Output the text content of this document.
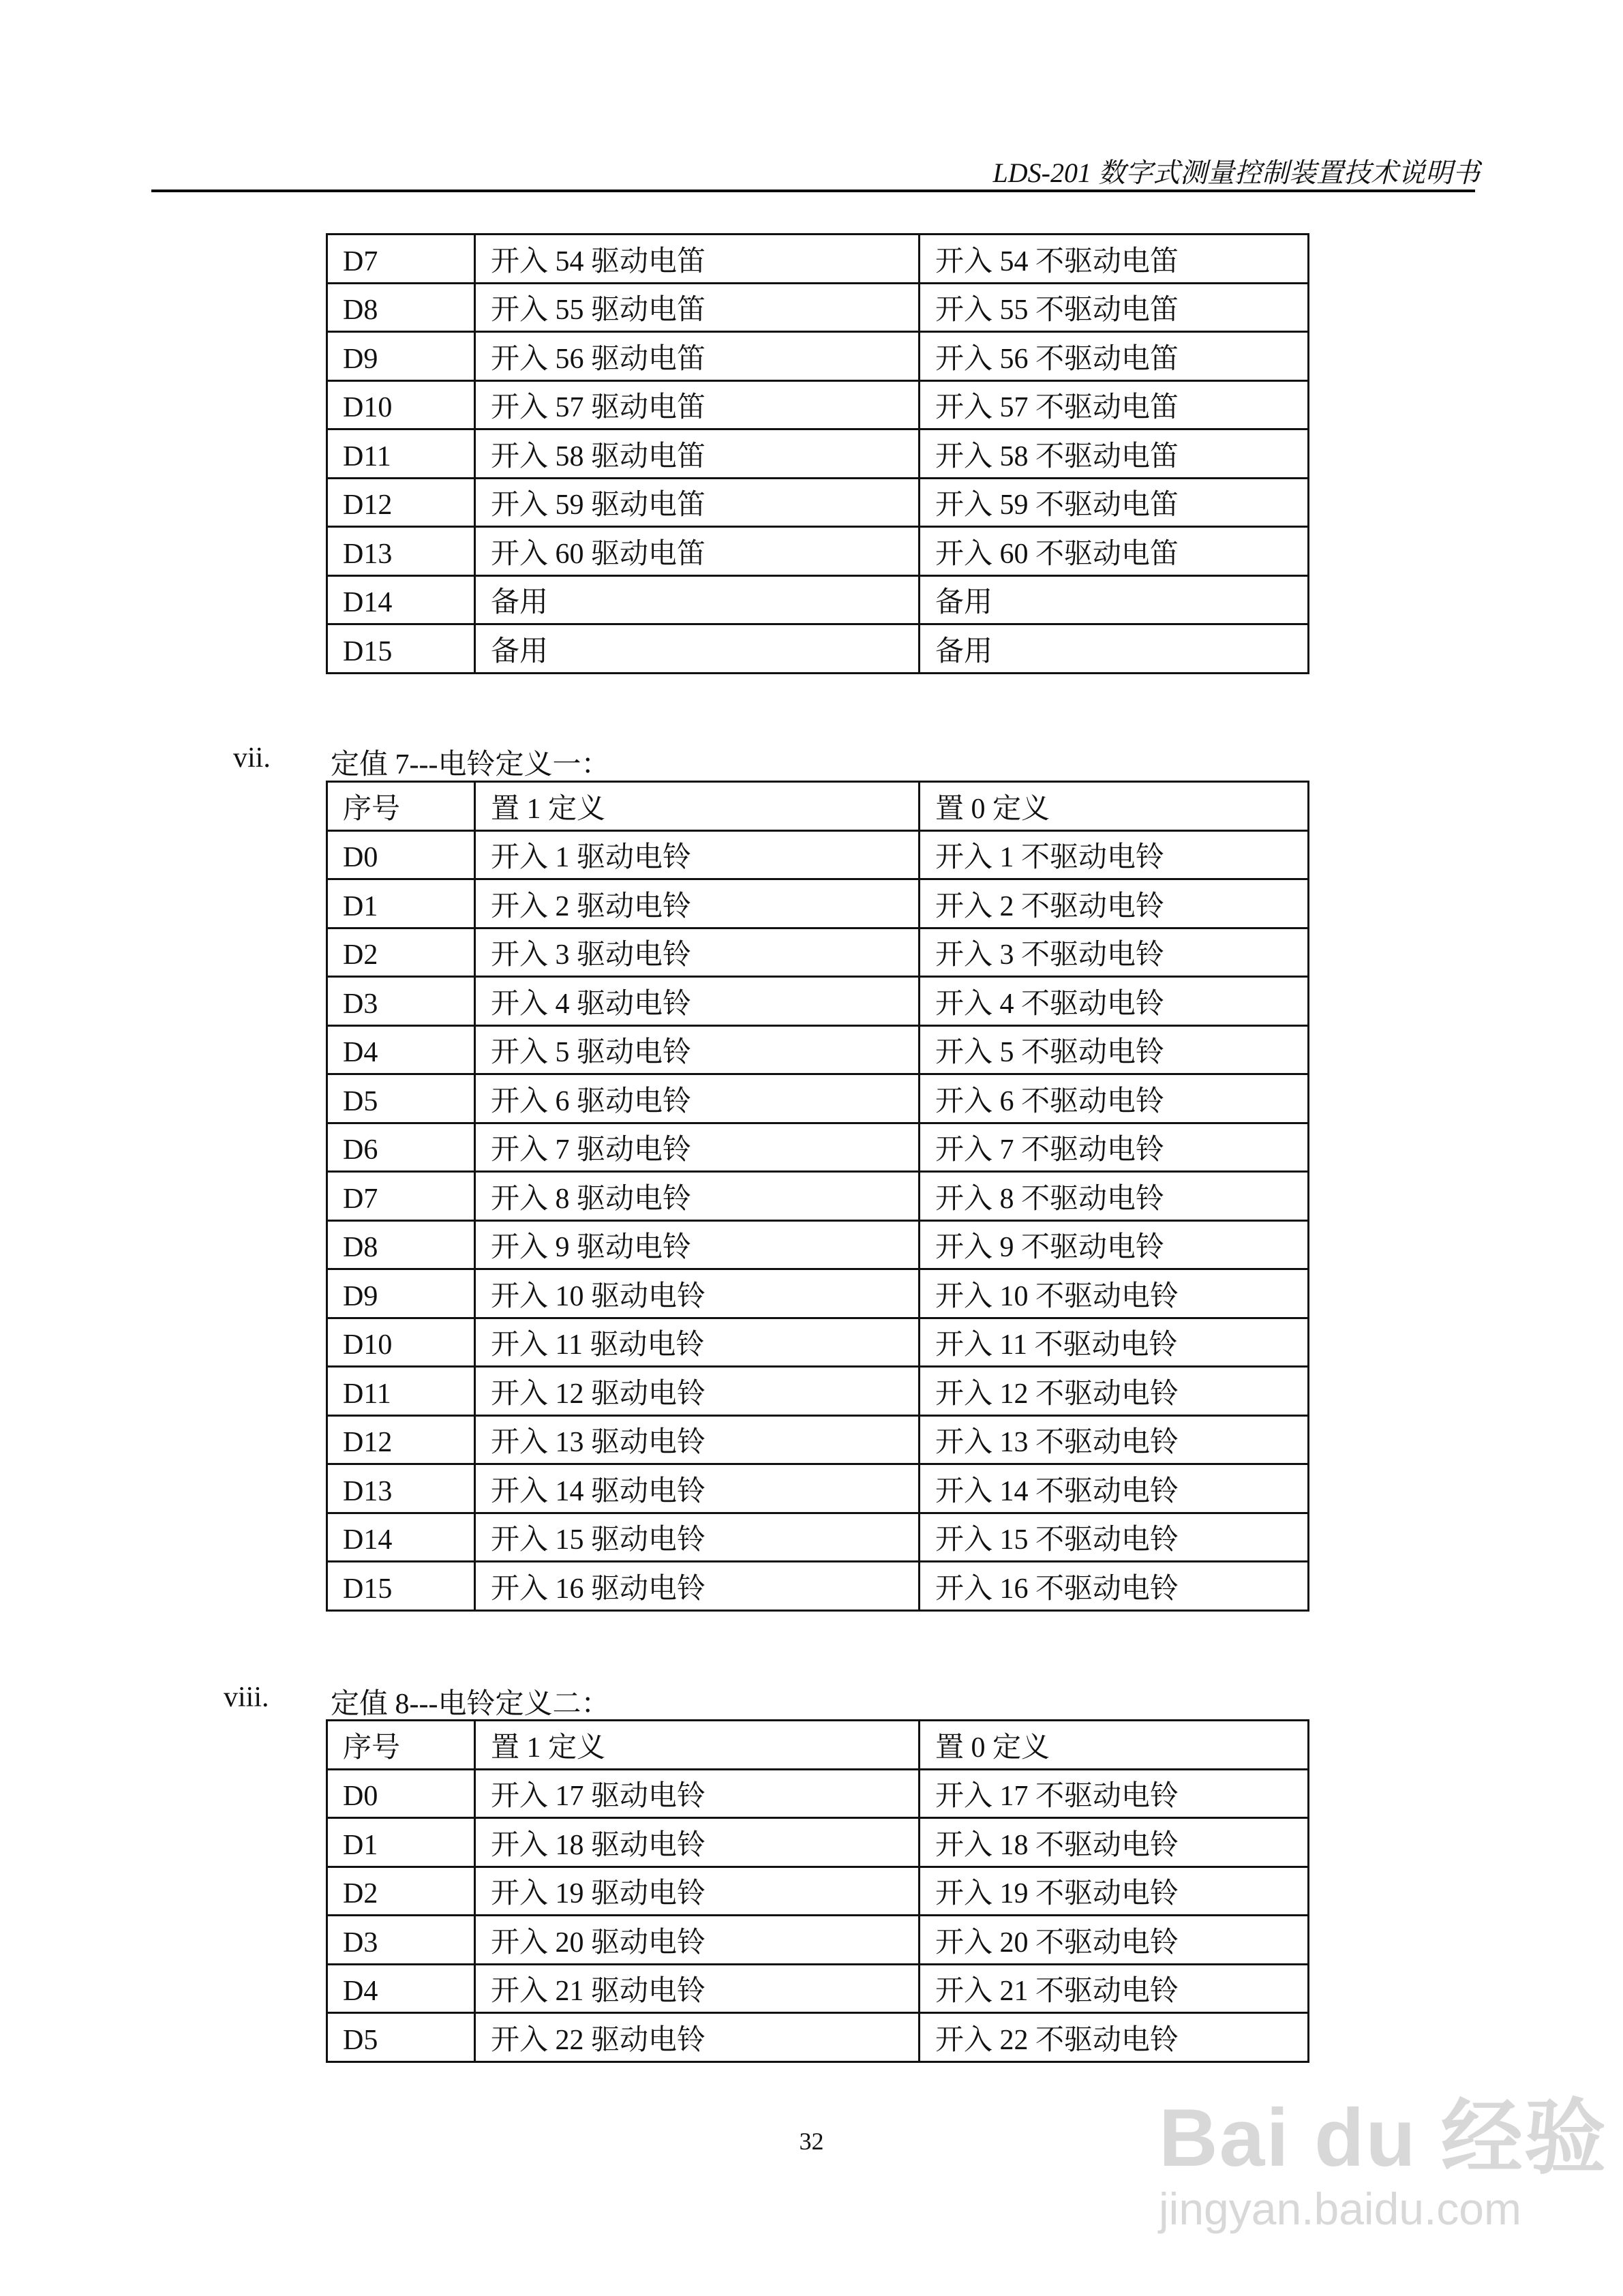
LDS-201 数字式测量控制装置技术说明书
D7	开入 54 驱动电笛	开入 54 不驱动电笛
D8	开入 55 驱动电笛	开入 55 不驱动电笛
D9	开入 56 驱动电笛	开入 56 不驱动电笛
D10	开入 57 驱动电笛	开入 57 不驱动电笛
D11	开入 58 驱动电笛	开入 58 不驱动电笛
D12	开入 59 驱动电笛	开入 59 不驱动电笛
D13	开入 60 驱动电笛	开入 60 不驱动电笛
D14	备用	备用
D15	备用	备用
vii. 定值 7---电铃定义一：
序号	置 1 定义	置 0 定义
D0	开入 1 驱动电铃	开入 1 不驱动电铃
D1	开入 2 驱动电铃	开入 2 不驱动电铃
D2	开入 3 驱动电铃	开入 3 不驱动电铃
D3	开入 4 驱动电铃	开入 4 不驱动电铃
D4	开入 5 驱动电铃	开入 5 不驱动电铃
D5	开入 6 驱动电铃	开入 6 不驱动电铃
D6	开入 7 驱动电铃	开入 7 不驱动电铃
D7	开入 8 驱动电铃	开入 8 不驱动电铃
D8	开入 9 驱动电铃	开入 9 不驱动电铃
D9	开入 10 驱动电铃	开入 10 不驱动电铃
D10	开入 11 驱动电铃	开入 11 不驱动电铃
D11	开入 12 驱动电铃	开入 12 不驱动电铃
D12	开入 13 驱动电铃	开入 13 不驱动电铃
D13	开入 14 驱动电铃	开入 14 不驱动电铃
D14	开入 15 驱动电铃	开入 15 不驱动电铃
D15	开入 16 驱动电铃	开入 16 不驱动电铃
viii. 定值 8---电铃定义二：
序号	置 1 定义	置 0 定义
D0	开入 17 驱动电铃	开入 17 不驱动电铃
D1	开入 18 驱动电铃	开入 18 不驱动电铃
D2	开入 19 驱动电铃	开入 19 不驱动电铃
D3	开入 20 驱动电铃	开入 20 不驱动电铃
D4	开入 21 驱动电铃	开入 21 不驱动电铃
D5	开入 22 驱动电铃	开入 22 不驱动电铃
32	Bai du 经验
jingyan.baidu.com
